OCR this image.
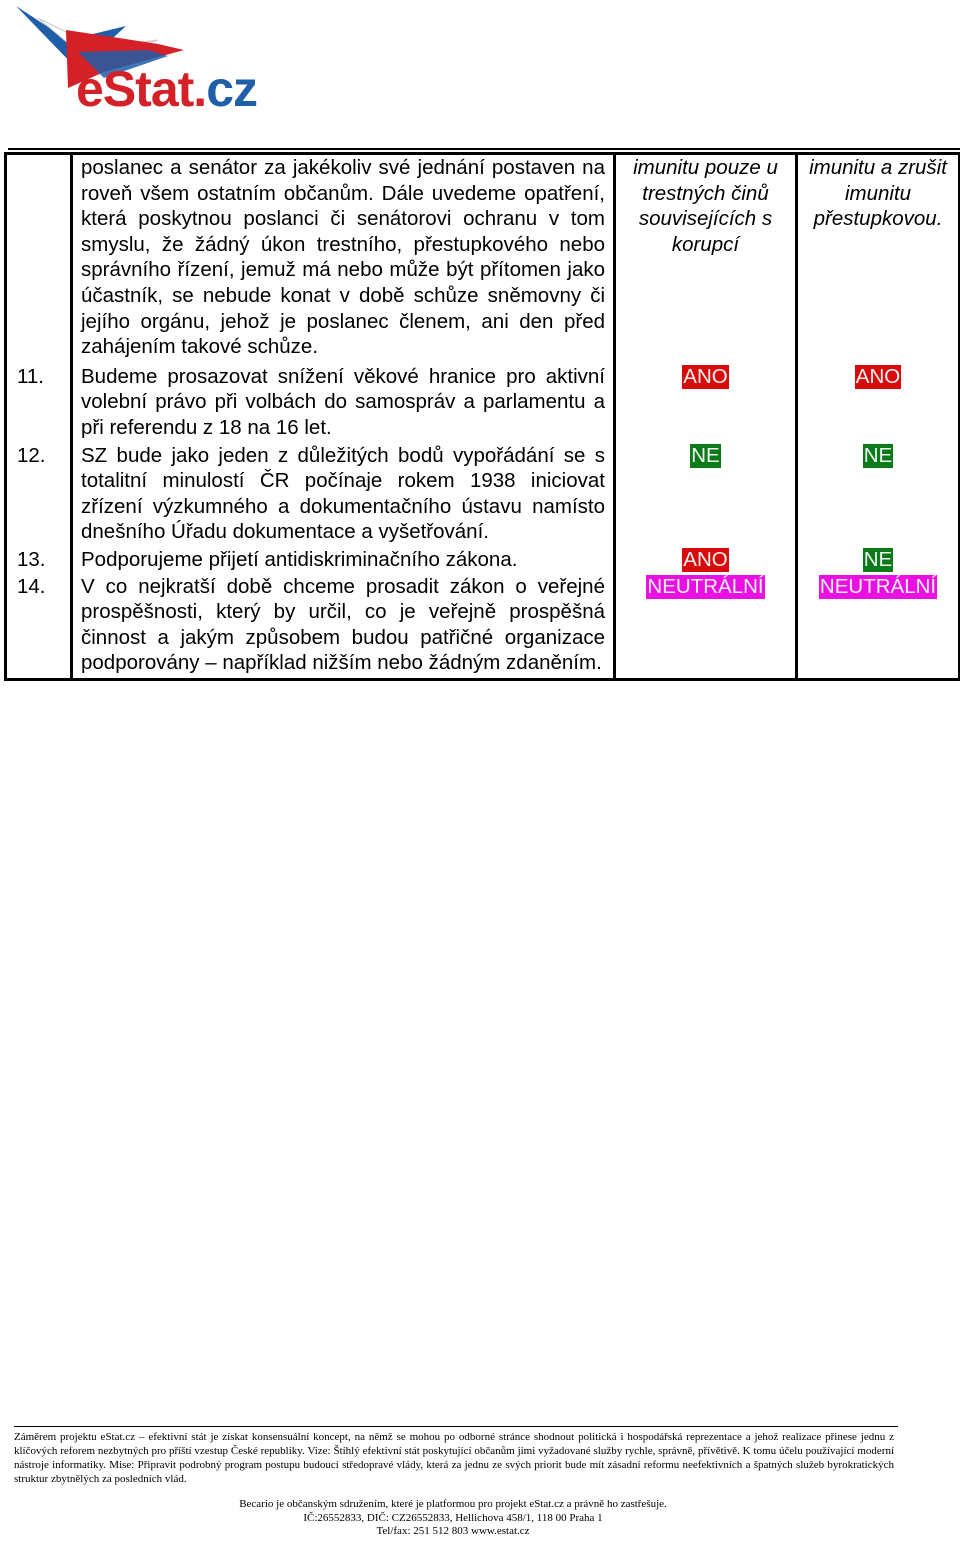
eStat.cz

	poslanec a senátor za jakékoliv své jednání postaven na roveň všem ostatním občanům. Dále uvedeme opatření, která poskytnou poslanci či senátorovi ochranu v tom smyslu, že žádný úkon trestního, přestupkového nebo správního řízení, jemuž má nebo může být přítomen jako účastník, se nebude konat v době schůze sněmovny či jejího orgánu, jehož je poslanec členem, ani den před zahájením takové schůze.	imunitu pouze u trestných činů souvisejících s korupcí	imunitu a zrušit imunitu přestupkovou.
11.	Budeme prosazovat snížení věkové hranice pro aktivní volební právo při volbách do samospráv a parlamentu a při referendu z 18 na 16 let.	ANO	ANO
12.	SZ bude jako jeden z důležitých bodů vypořádání se s totalitní minulostí ČR počínaje rokem 1938 iniciovat zřízení výzkumného a dokumentačního ústavu namísto dnešního Úřadu dokumentace a vyšetřování.	NE	NE
13.	Podporujeme přijetí antidiskriminačního zákona.	ANO	NE
14.	V co nejkratší době chceme prosadit zákon o veřejné prospěšnosti, který by určil, co je veřejně prospěšná činnost a jakým způsobem budou patřičné organizace podporovány – například nižším nebo žádným zdaněním.	NEUTRÁLNÍ	NEUTRÁLNÍ

Záměrem projektu eStat.cz – efektivní stát je získat konsensuální koncept, na němž se mohou po odborné stránce shodnout politická i hospodářská reprezentace a jehož realizace přinese jednu z klíčových reforem nezbytných pro příští vzestup České republiky. Vize: Štíhlý efektivní stát poskytující občanům jimi vyžadované služby rychle, správně, přívětivě. K tomu účelu používající moderní nástroje informatiky. Mise: Připravit podrobný program postupu budoucí středopravé vlády, která za jednu ze svých priorit bude mít zásadní reformu neefektivních a špatných služeb byrokratických struktur zbytnělých za posledních vlád.

Becario je občanským sdružením, které je platformou pro projekt eStat.cz a právně ho zastřešuje.

IČ:26552833, DIČ: CZ26552833, Hellichova 458/1, 118 00 Praha 1

Tel/fax: 251 512 803 www.estat.cz
